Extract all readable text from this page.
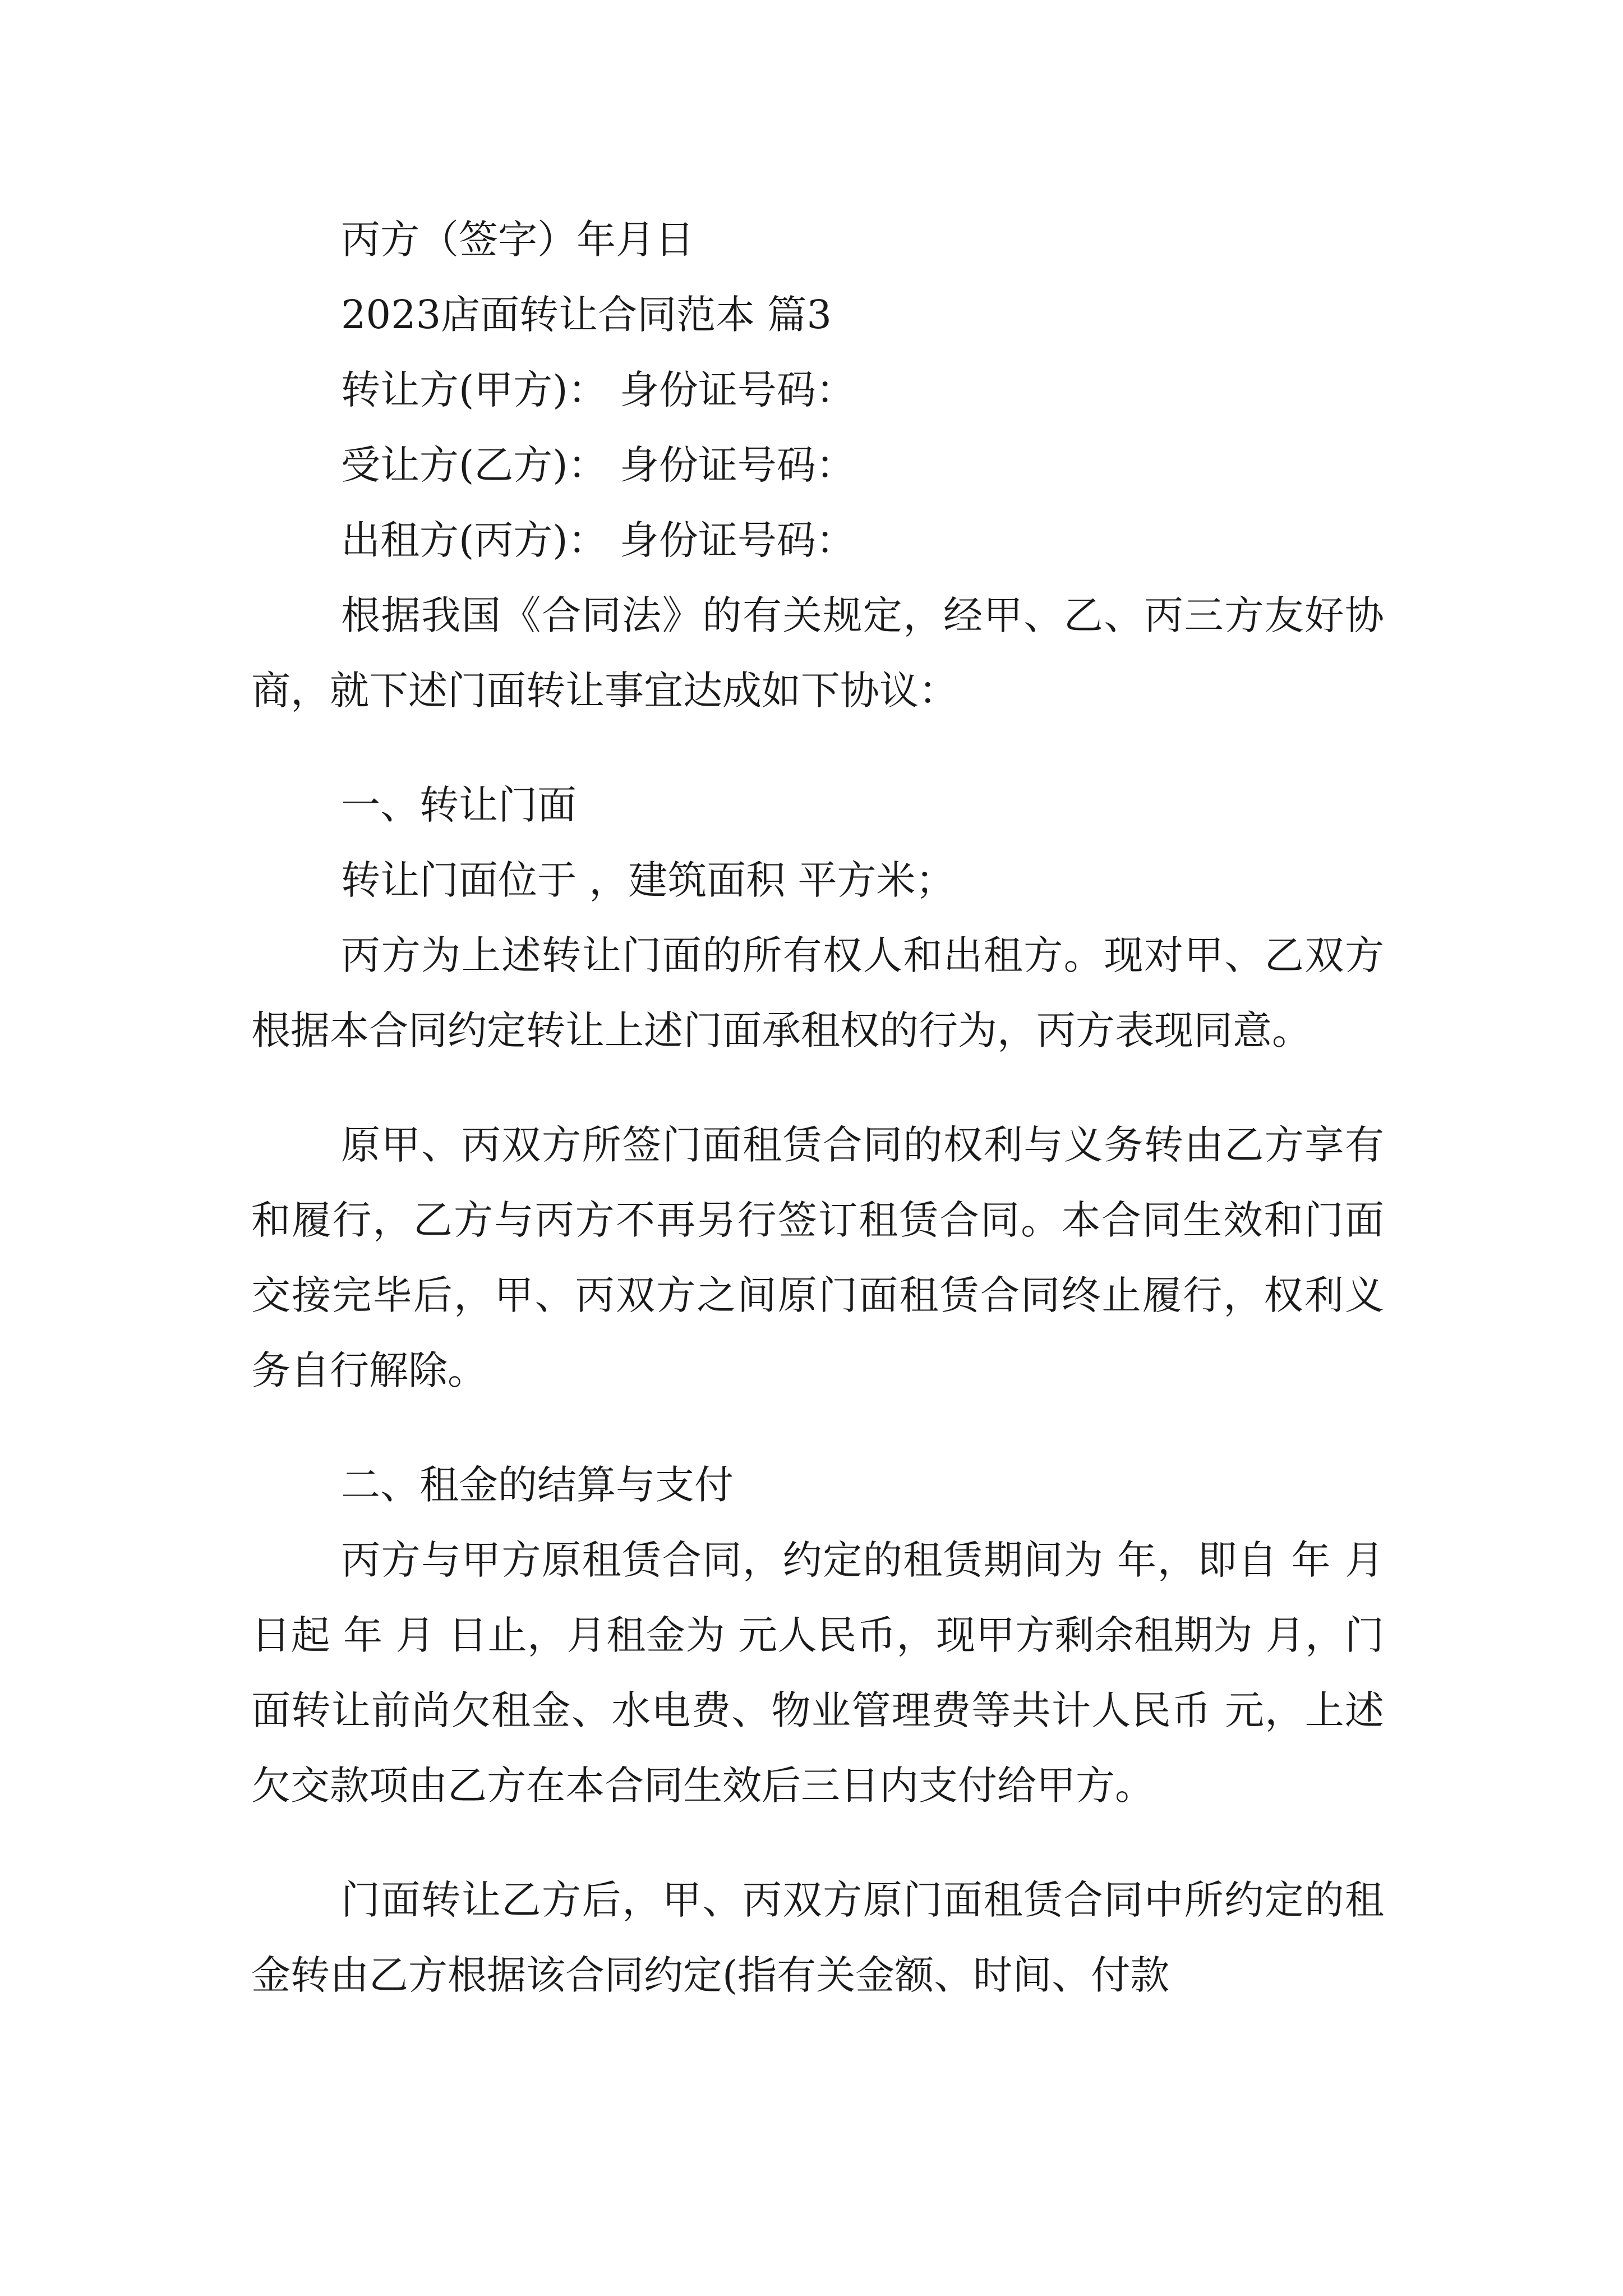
丙方（签字）年月日
2023店面转让合同范本 篇3
转让方(甲方)： 身份证号码：
受让方(乙方)： 身份证号码：
出租方(丙方)： 身份证号码：

根据我国《合同法》的有关规定，经甲、乙、丙三方友好协商，就下述门面转让事宜达成如下协议：

一、转让门面
转让门面位于 ，建筑面积 平方米；

丙方为上述转让门面的所有权人和出租方。现对甲、乙双方根据本合同约定转让上述门面承租权的行为，丙方表现同意。

原甲、丙双方所签门面租赁合同的权利与义务转由乙方享有和履行，乙方与丙方不再另行签订租赁合同。本合同生效和门面交接完毕后，甲、丙双方之间原门面租赁合同终止履行，权利义务自行解除。

二、租金的结算与支付

丙方与甲方原租赁合同，约定的租赁期间为 年，即自 年 月 日起 年 月 日止，月租金为 元人民币，现甲方剩余租期为 月，门面转让前尚欠租金、水电费、物业管理费等共计人民币 元，上述欠交款项由乙方在本合同生效后三日内支付给甲方。

门面转让乙方后，甲、丙双方原门面租赁合同中所约定的租金转由乙方根据该合同约定(指有关金额、时间、付款
